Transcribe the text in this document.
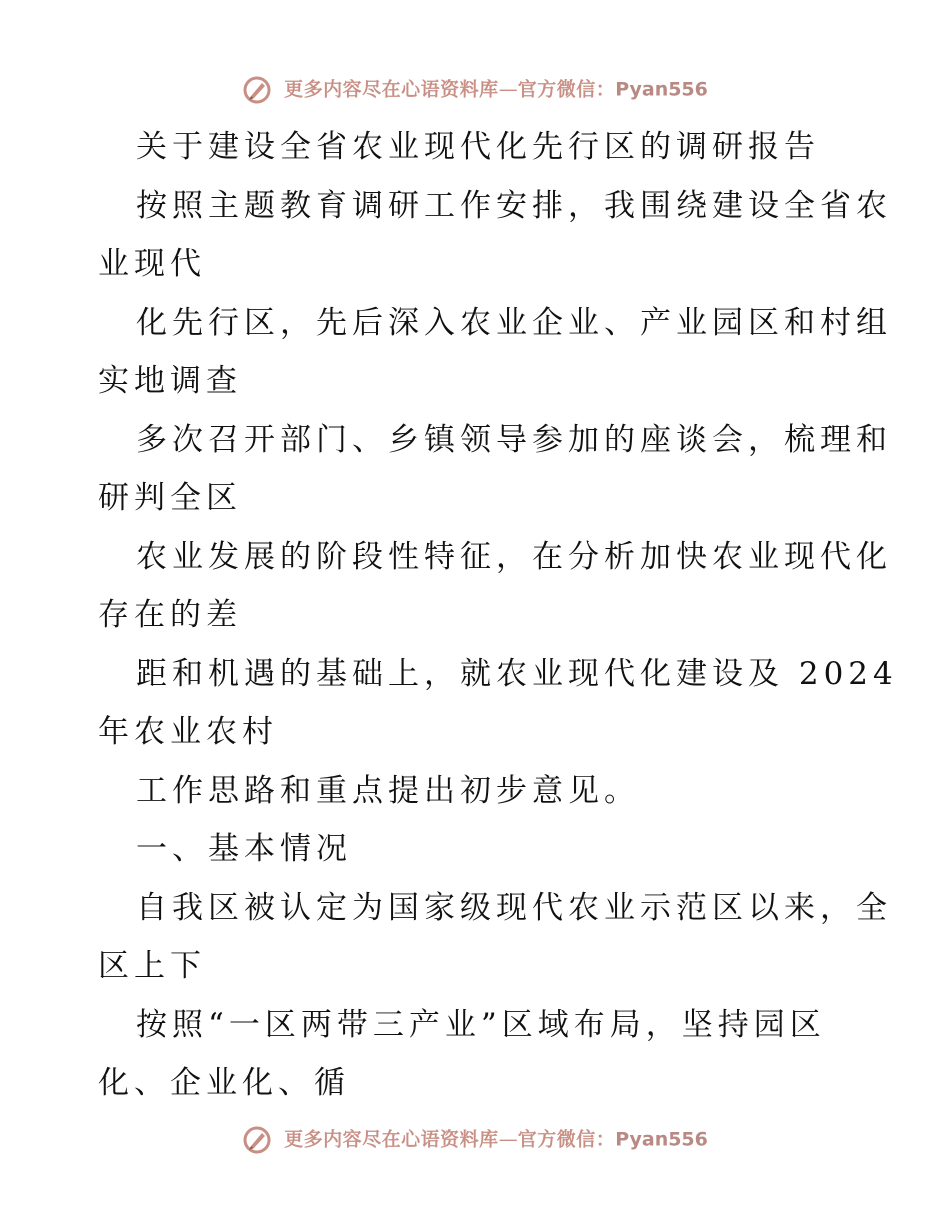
更多内容尽在心语资料库—官方微信：Pyan556

关于建设全省农业现代化先行区的调研报告

按照主题教育调研工作安排，我围绕建设全省农

业现代

化先行区，先后深入农业企业、产业园区和村组

实地调查

多次召开部门、乡镇领导参加的座谈会，梳理和

研判全区

农业发展的阶段性特征，在分析加快农业现代化

存在的差

距和机遇的基础上，就农业现代化建设及 2024

年农业农村

工作思路和重点提出初步意见。

一、基本情况

自我区被认定为国家级现代农业示范区以来，全

区上下

按照“一区两带三产业”区域布局，坚持园区

化、企业化、循

更多内容尽在心语资料库—官方微信：Pyan556
